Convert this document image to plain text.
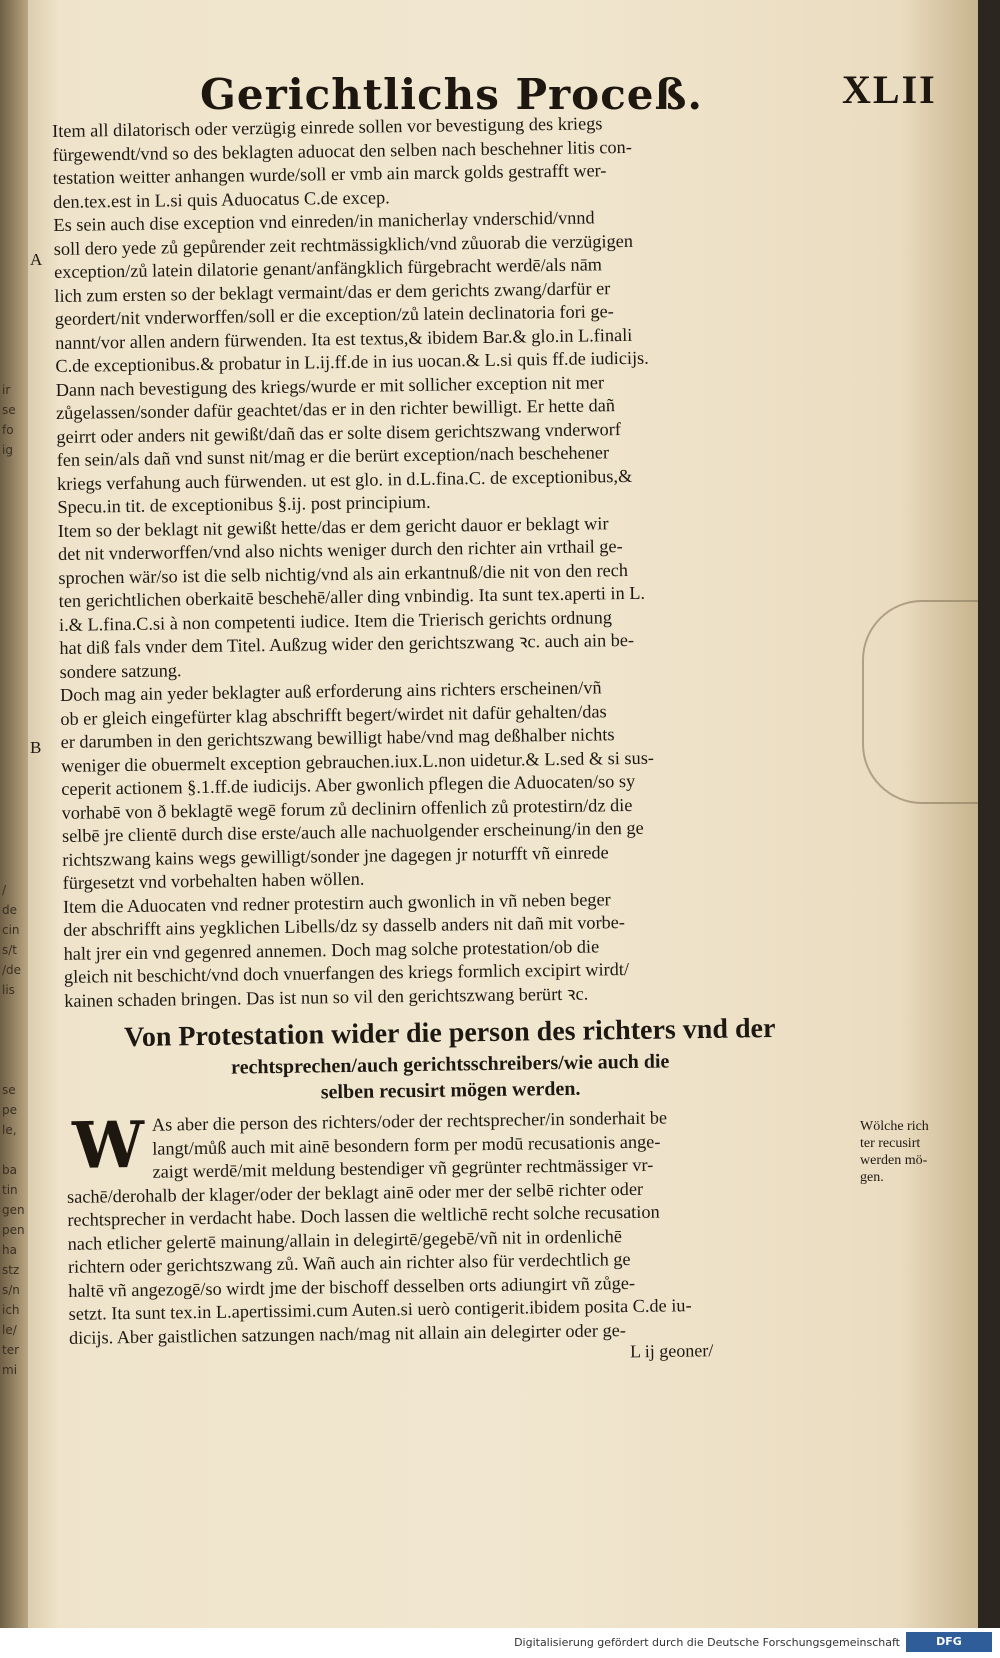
ir
se
fo
ig
/
de
cin
s/t
/de
lis
se
pe
le,
ba
tin
gen
pen
ha
stz
s/n
ich
le/
ter
mi
Gerichtlichs Proceß.	XLII
Item all dilatorisch oder verzügig einrede sollen vor bevestigung des kriegs
fürgewendt/vnd so des beklagten aduocat den selben nach beschehner litis con-
testation weitter anhangen wurde/soll er vmb ain marck golds gestrafft wer-
den.tex.est in L.si quis Aduocatus C.de excep.
Es sein auch dise exception vnd einreden/in manicherlay vnderschid/vnnd
soll dero yede zů gepůrender zeit rechtmässigklich/vnd zůuorab die verzügigen
exception/zů latein dilatorie genant/anfängklich fürgebracht werdē/als nām
lich zum ersten so der beklagt vermaint/das er dem gerichts zwang/darfür er
geordert/nit vnderworffen/soll er die exception/zů latein declinatoria fori ge-
nannt/vor allen andern fürwenden. Ita est textus,& ibidem Bar.& glo.in L.finali
C.de exceptionibus.& probatur in L.ij.ff.de in ius uocan.& L.si quis ff.de iudicijs.
Dann nach bevestigung des kriegs/wurde er mit sollicher exception nit mer
zůgelassen/sonder dafür geachtet/das er in den richter bewilligt. Er hette dañ
geirrt oder anders nit gewißt/dañ das er solte disem gerichtszwang vnderworf
fen sein/als dañ vnd sunst nit/mag er die berürt exception/nach beschehener
kriegs verfahung auch fürwenden. ut est glo. in d.L.fina.C. de exceptionibus,&
Specu.in tit. de exceptionibus §.ij. post principium.
Item so der beklagt nit gewißt hette/das er dem gericht dauor er beklagt wir
det nit vnderworffen/vnd also nichts weniger durch den richter ain vrthail ge-
sprochen wär/so ist die selb nichtig/vnd als ain erkantnuß/die nit von den rech
ten gerichtlichen oberkaitē beschehē/aller ding vnbindig. Ita sunt tex.aperti in L.
i.& L.fina.C.si à non competenti iudice. Item die Trierisch gerichts ordnung
hat diß fals vnder dem Titel. Außzug wider den gerichtszwang ꝛc. auch ain be-
sondere satzung.
Doch mag ain yeder beklagter auß erforderung ains richters erscheinen/vñ
ob er gleich eingefürter klag abschrifft begert/wirdet nit dafür gehalten/das
er darumben in den gerichtszwang bewilligt habe/vnd mag deßhalber nichts
weniger die obuermelt exception gebrauchen.iux.L.non uidetur.& L.sed & si sus-
ceperit actionem §.1.ff.de iudicijs. Aber gwonlich pflegen die Aduocaten/so sy
vorhabē von ð beklagtē wegē forum zů declinirn offenlich zů protestirn/dz die
selbē jre clientē durch dise erste/auch alle nachuolgender erscheinung/in den ge
richtszwang kains wegs gewilligt/sonder jne dagegen jr noturfft vñ einrede
fürgesetzt vnd vorbehalten haben wöllen.
Item die Aduocaten vnd redner protestirn auch gwonlich in vñ neben beger
der abschrifft ains yegklichen Libells/dz sy dasselb anders nit dañ mit vorbe-
halt jrer ein vnd gegenred annemen. Doch mag solche protestation/ob die
gleich nit beschicht/vnd doch vnuerfangen des kriegs formlich excipirt wirdt/
kainen schaden bringen. Das ist nun so vil den gerichtszwang berürt ꝛc.
Von Protestation wider die person des richters vnd der
rechtsprechen/auch gerichtsschreibers/wie auch die
selben recusirt mögen werden.
W As aber die person des richters/oder der rechtsprecher/in sonderhait be
langt/můß auch mit ainē besondern form per modū recusationis ange-
zaigt werdē/mit meldung bestendiger vñ gegrünter rechtmässiger vr-
sachē/derohalb der klager/oder der beklagt ainē oder mer der selbē richter oder
rechtsprecher in verdacht habe. Doch lassen die weltlichē recht solche recusation
nach etlicher gelertē mainung/allain in delegirtē/gegebē/vñ nit in ordenlichē
richtern oder gerichtszwang zů. Wañ auch ain richter also für verdechtlich ge
haltē vñ angezogē/so wirdt jme der bischoff desselben orts adiungirt vñ zůge-
setzt. Ita sunt tex.in L.apertissimi.cum Auten.si uerò contigerit.ibidem posita C.de iu-
dicijs. Aber gaistlichen satzungen nach/mag nit allain ain delegirter oder ge-
A
B
Wölche rich
ter recusirt
werden mö-
gen.
L ij geoner/
Digitalisierung gefördert durch die Deutsche Forschungsgemeinschaft	DFG
